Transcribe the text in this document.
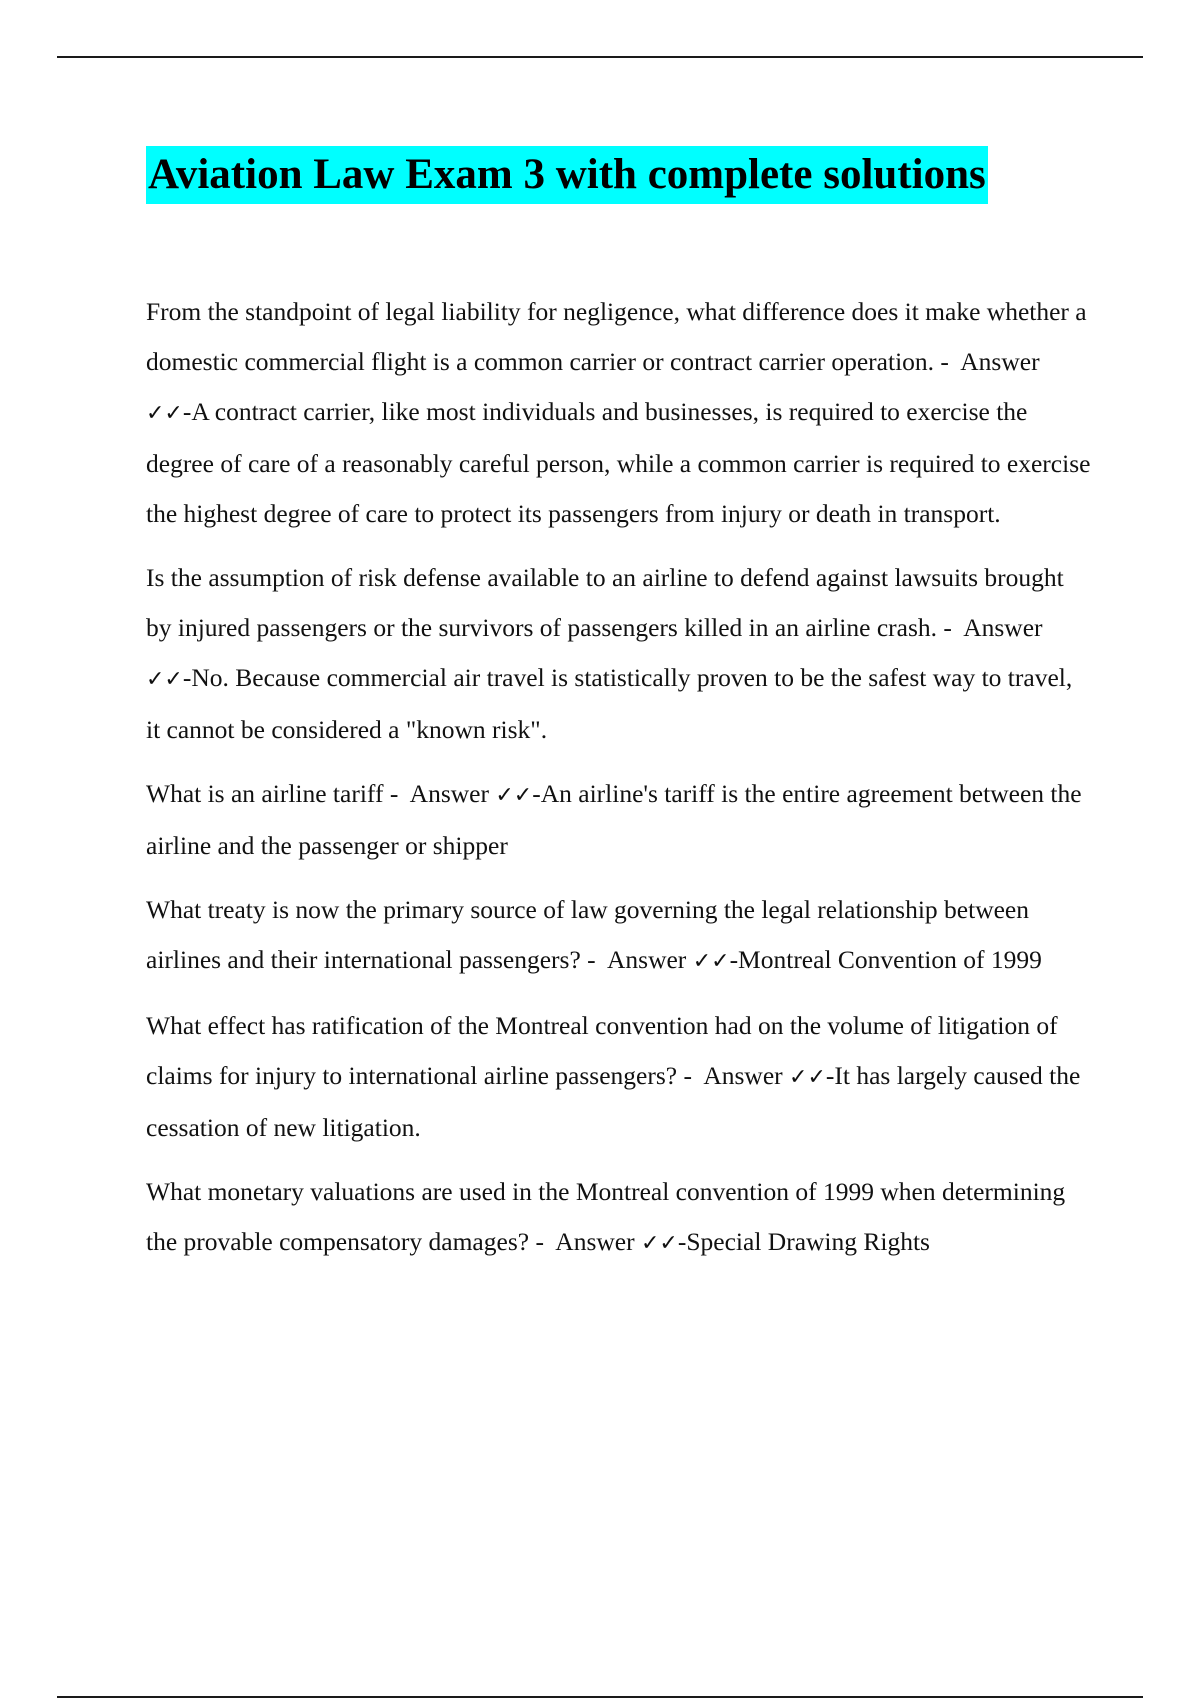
Aviation Law Exam 3 with complete solutions

From the standpoint of legal liability for negligence, what difference does it make whether a domestic commercial flight is a common carrier or contract carrier operation. -  Answer ✓✓-A contract carrier, like most individuals and businesses, is required to exercise the degree of care of a reasonably careful person, while a common carrier is required to exercise the highest degree of care to protect its passengers from injury or death in transport.

Is the assumption of risk defense available to an airline to defend against lawsuits brought by injured passengers or the survivors of passengers killed in an airline crash. -  Answer ✓✓-No. Because commercial air travel is statistically proven to be the safest way to travel, it cannot be considered a "known risk".

What is an airline tariff -  Answer ✓✓-An airline's tariff is the entire agreement between the airline and the passenger or shipper

What treaty is now the primary source of law governing the legal relationship between airlines and their international passengers? -  Answer ✓✓-Montreal Convention of 1999

What effect has ratification of the Montreal convention had on the volume of litigation of claims for injury to international airline passengers? -  Answer ✓✓-It has largely caused the cessation of new litigation.

What monetary valuations are used in the Montreal convention of 1999 when determining the provable compensatory damages? -  Answer ✓✓-Special Drawing Rights
